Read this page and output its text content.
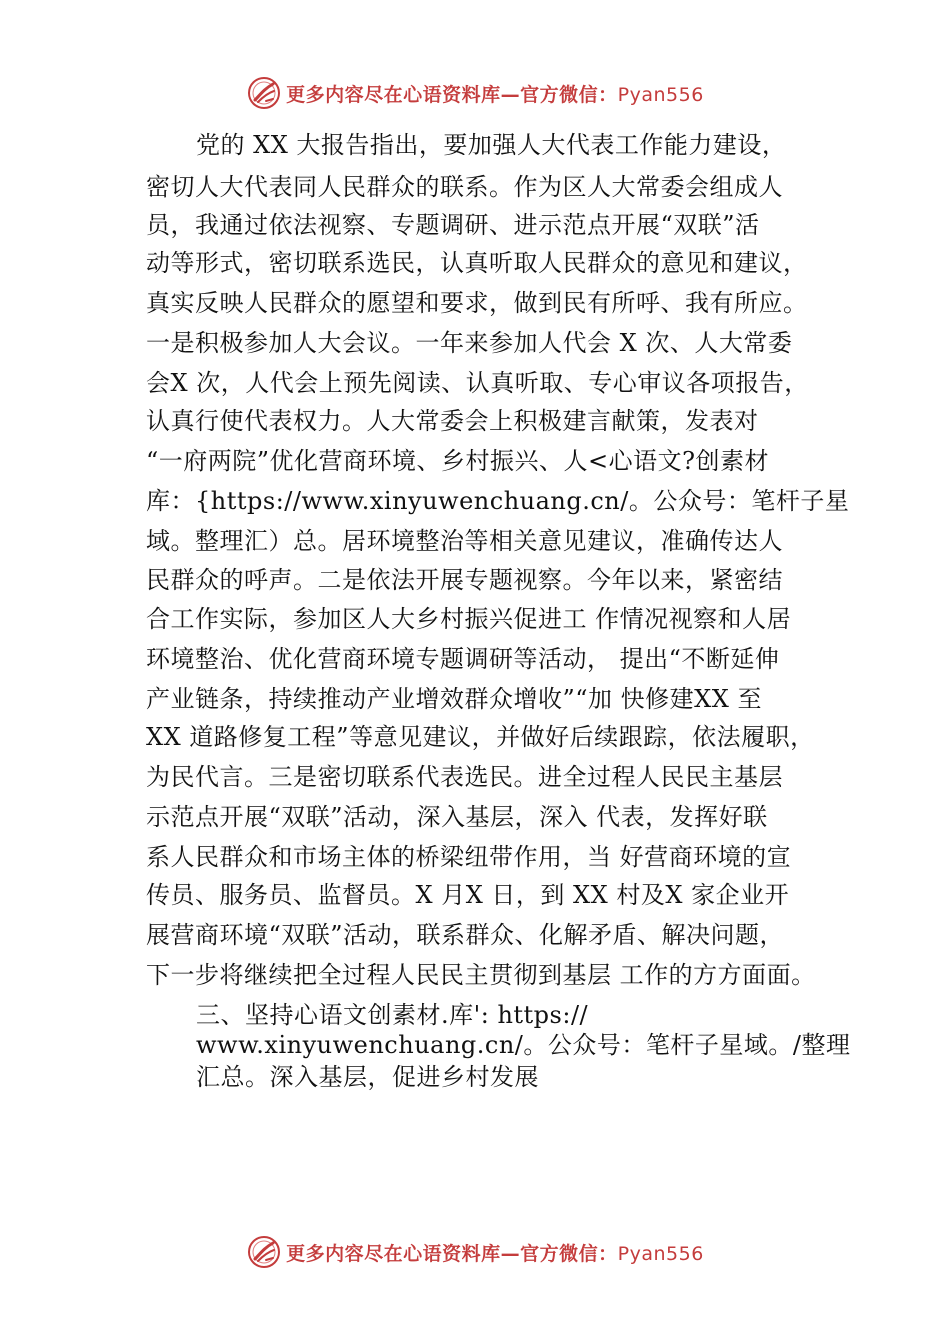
更多内容尽在心语资料库—官方微信：Pyan556
党的 XX 大报告指出，要加强人大代表工作能力建设，
密切人大代表同人民群众的联系。作为区人大常委会组成人
员，我通过依法视察、专题调研、进示范点开展“双联”活
动等形式，密切联系选民，认真听取人民群众的意见和建议，
真实反映人民群众的愿望和要求，做到民有所呼、我有所应。
一是积极参加人大会议。一年来参加人代会 X 次、人大常委
会X 次，人代会上预先阅读、认真听取、专心审议各项报告，
认真行使代表权力。人大常委会上积极建言献策，发表对
“一府两院”优化营商环境、乡村振兴、人<心语文?创素材
库：{https://www.xinyuwenchuang.cn/。公众号：笔杆子星
域。整理汇）总。居环境整治等相关意见建议，准确传达人
民群众的呼声。二是依法开展专题视察。今年以来，紧密结
合工作实际，参加区人大乡村振兴促进工 作情况视察和人居
环境整治、优化营商环境专题调研等活动， 提出“不断延伸
产业链条，持续推动产业增效群众增收”“加 快修建XX 至
XX 道路修复工程”等意见建议，并做好后续跟踪，依法履职，
为民代言。三是密切联系代表选民。进全过程人民民主基层
示范点开展“双联”活动，深入基层，深入 代表，发挥好联
系人民群众和市场主体的桥梁纽带作用，当 好营商环境的宣
传员、服务员、监督员。X 月X 日，到 XX 村及X 家企业开
展营商环境“双联”活动，联系群众、化解矛盾、解决问题，
下一步将继续把全过程人民民主贯彻到基层 工作的方方面面。
三、坚持心语文创素材.库': https://
www.xinyuwenchuang.cn/。公众号：笔杆子星域。/整理
汇总。深入基层，促进乡村发展
更多内容尽在心语资料库—官方微信：Pyan556
